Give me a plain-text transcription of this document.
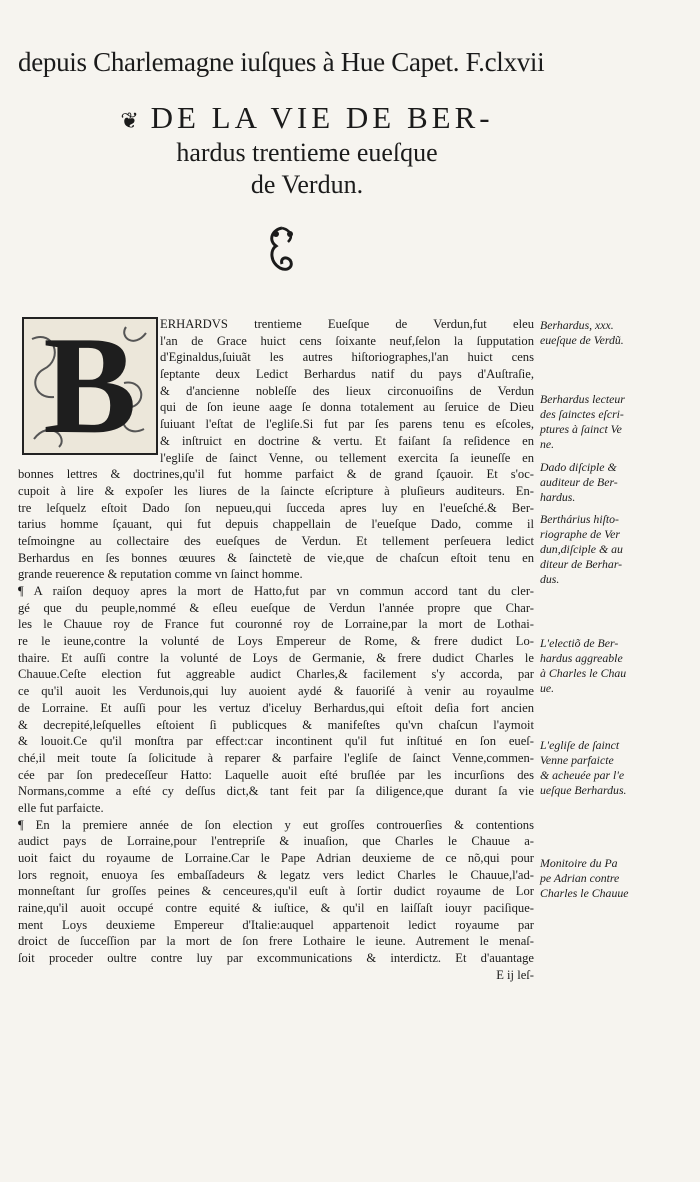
depuis Charlemagne iuſques à Hue Capet. F.clxvii
❦ DE LA VIE DE BER-
hardus trentieme eueſque
de Verdun.
B	ERHARDVS trentieme Eueſque de Verdun,fut eleu
l'an de Grace huict cens ſoixante neuf,ſelon la ſupputation
d'Eginaldus,ſuiuãt les autres hiſtoriographes,l'an huict cens
ſeptante deux Ledict Berhardus natif du pays d'Auſtraſie,
& d'ancienne nobleſſe des lieux circonuoiſins de Verdun
qui de ſon ieune aage ſe donna totalement au ſeruice de Dieu
ſuiuant l'eſtat de l'egliſe.Si fut par ſes parens tenu es eſcoles,
& inſtruict en doctrine & vertu. Et faiſant ſa reſidence en
l'egliſe de ſainct Venne, ou tellement exercita ſa ieuneſſe en
bonnes lettres & doctrines,qu'il fut homme parfaict & de grand ſçauoir. Et s'oc-
cupoit à lire & expoſer les liures de la ſaincte eſcripture à pluſieurs auditeurs. En-
tre leſquelz eſtoit Dado ſon nepueu,qui ſucceda apres luy en l'eueſché.& Ber-
tarius homme ſçauant, qui fut depuis chappellain de l'eueſque Dado, comme il
teſmoingne au collectaire des eueſques de Verdun. Et tellement perſeuera ledict
Berhardus en ſes bonnes œuures & ſainctetè de vie,que de chaſcun eſtoit tenu en
grande reuerence & reputation comme vn ſainct homme.
¶ A raiſon dequoy apres la mort de Hatto,fut par vn commun accord tant du cler-
gé que du peuple,nommé & eſleu eueſque de Verdun l'année propre que Char-
les le Chauue roy de France fut couronné roy de Lorraine,par la mort de Lothai-
re le ieune,contre la volunté de Loys Empereur de Rome, & frere dudict Lo-
thaire. Et auſſi contre la volunté de Loys de Germanie, & frere dudict Charles le
Chauue.Ceſte election fut aggreable audict Charles,& facilement s'y accorda, par
ce qu'il auoit les Verdunois,qui luy auoient aydé & fauoriſé à venir au royaulme
de Lorraine. Et auſſi pour les vertuz d'iceluy Berhardus,qui eſtoit deſia fort ancien
& decrepité,leſquelles eſtoient ſi publicques & manifeſtes qu'vn chaſcun l'aymoit
& louoit.Ce qu'il monſtra par effect:car incontinent qu'il fut inſtitué en ſon eueſ-
ché,il meit toute ſa ſolicitude à reparer & parfaire l'egliſe de ſainct Venne,commen-
cée par ſon predeceſſeur Hatto: Laquelle auoit eſté bruſlée par les incurſions des
Normans,comme a eſté cy deſſus dict,& tant feit par ſa diligence,que durant ſa vie
elle fut parfaicte.
¶ En la premiere année de ſon election y eut groſſes controuerſies & contentions
audict pays de Lorraine,pour l'entrepriſe & inuaſion, que Charles le Chauue a-
uoit faict du royaume de Lorraine.Car le Pape Adrian deuxieme de ce nõ,qui pour
lors regnoit, enuoya ſes embaſſadeurs & legatz vers ledict Charles le Chauue,l'ad-
monneſtant ſur groſſes peines & cenceures,qu'il euſt à ſortir dudict royaume de Lor
raine,qu'il auoit occupé contre equité & iuſtice, & qu'il en laiſſaſt iouyr paciſique-
ment Loys deuxieme Empereur d'Italie:auquel appartenoit ledict royaume par
droict de ſucceſſion par la mort de ſon frere Lothaire le ieune. Autrement le menaſ-
ſoit proceder oultre contre luy par excommunications & interdictz. Et d'auantage
E ij leſ-
Berhardus, xxx.
eueſque de Verdũ.
Berhardus lecteur
des ſainctes eſcri-
ptures à ſainct Ve
ne.
Dado diſciple &
auditeur de Ber-
hardus.
Berthárius hiſto-
riographe de Ver
dun,diſciple & au
diteur de Berhar-
dus.
L'electiõ de Ber-
hardus aggreable
à Charles le Chau
ue.
L'egliſe de ſainct
Venne parfaicte
& acheuée par l'e
ueſque Berhardus.
Monitoire du Pa
pe Adrian contre
Charles le Chauue
